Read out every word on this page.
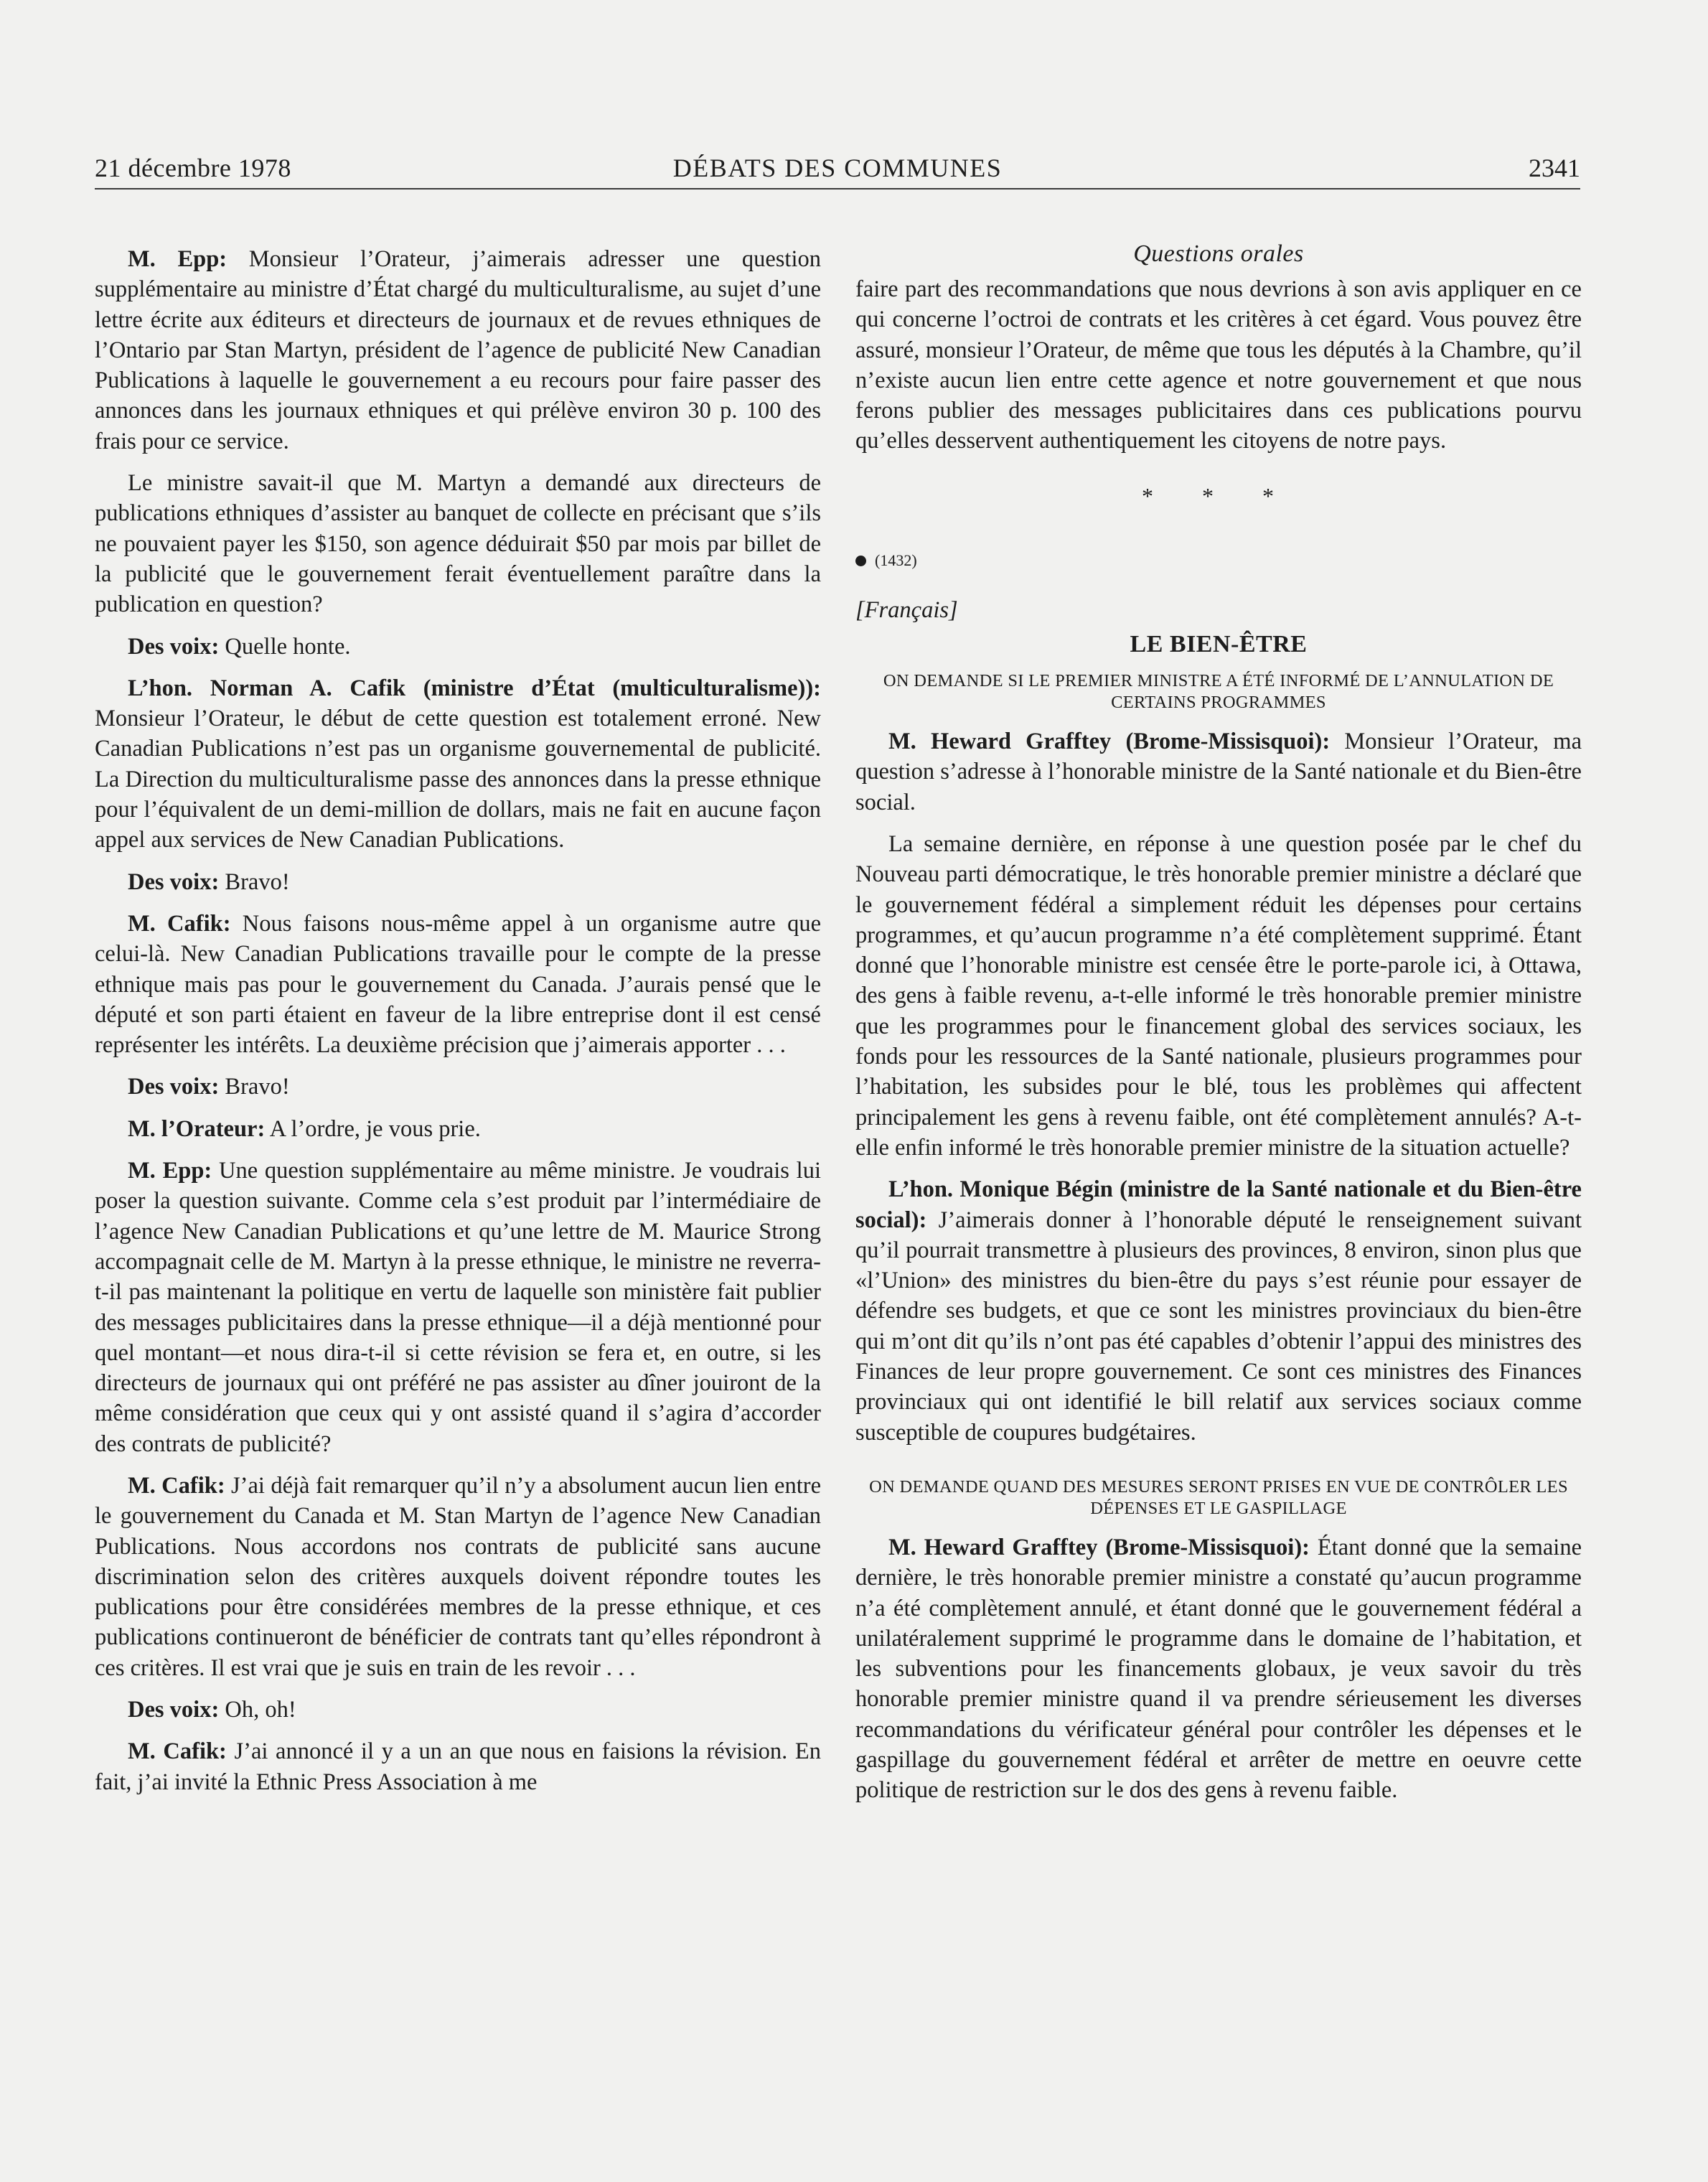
21 décembre 1978	DÉBATS DES COMMUNES	2341

M. Epp: Monsieur l’Orateur, j’aimerais adresser une question supplémentaire au ministre d’État chargé du multiculturalisme, au sujet d’une lettre écrite aux éditeurs et directeurs de journaux et de revues ethniques de l’Ontario par Stan Martyn, président de l’agence de publicité New Canadian Publications à laquelle le gouvernement a eu recours pour faire passer des annonces dans les journaux ethniques et qui prélève environ 30 p. 100 des frais pour ce service.

Le ministre savait-il que M. Martyn a demandé aux directeurs de publications ethniques d’assister au banquet de collecte en précisant que s’ils ne pouvaient payer les $150, son agence déduirait $50 par mois par billet de la publicité que le gouvernement ferait éventuellement paraître dans la publication en question?

Des voix: Quelle honte.

L’hon. Norman A. Cafik (ministre d’État (multiculturalisme)): Monsieur l’Orateur, le début de cette question est totalement erroné. New Canadian Publications n’est pas un organisme gouvernemental de publicité. La Direction du multiculturalisme passe des annonces dans la presse ethnique pour l’équivalent de un demi-million de dollars, mais ne fait en aucune façon appel aux services de New Canadian Publications.

Des voix: Bravo!

M. Cafik: Nous faisons nous-même appel à un organisme autre que celui-là. New Canadian Publications travaille pour le compte de la presse ethnique mais pas pour le gouvernement du Canada. J’aurais pensé que le député et son parti étaient en faveur de la libre entreprise dont il est censé représenter les intérêts. La deuxième précision que j’aimerais apporter . . .

Des voix: Bravo!

M. l’Orateur: A l’ordre, je vous prie.

M. Epp: Une question supplémentaire au même ministre. Je voudrais lui poser la question suivante. Comme cela s’est produit par l’intermédiaire de l’agence New Canadian Publications et qu’une lettre de M. Maurice Strong accompagnait celle de M. Martyn à la presse ethnique, le ministre ne reverra-t-il pas maintenant la politique en vertu de laquelle son ministère fait publier des messages publicitaires dans la presse ethnique—il a déjà mentionné pour quel montant—et nous dira-t-il si cette révision se fera et, en outre, si les directeurs de journaux qui ont préféré ne pas assister au dîner jouiront de la même considération que ceux qui y ont assisté quand il s’agira d’accorder des contrats de publicité?

M. Cafik: J’ai déjà fait remarquer qu’il n’y a absolument aucun lien entre le gouvernement du Canada et M. Stan Martyn de l’agence New Canadian Publications. Nous accordons nos contrats de publicité sans aucune discrimination selon des critères auxquels doivent répondre toutes les publications pour être considérées membres de la presse ethnique, et ces publications continueront de bénéficier de contrats tant qu’elles répondront à ces critères. Il est vrai que je suis en train de les revoir . . .

Des voix: Oh, oh!

M. Cafik: J’ai annoncé il y a un an que nous en faisions la révision. En fait, j’ai invité la Ethnic Press Association à me

Questions orales

faire part des recommandations que nous devrions à son avis appliquer en ce qui concerne l’octroi de contrats et les critères à cet égard. Vous pouvez être assuré, monsieur l’Orateur, de même que tous les députés à la Chambre, qu’il n’existe aucun lien entre cette agence et notre gouvernement et que nous ferons publier des messages publicitaires dans ces publications pourvu qu’elles desservent authentiquement les citoyens de notre pays.

* * *
(1432)
[Français]
LE BIEN-ÊTRE
ON DEMANDE SI LE PREMIER MINISTRE A ÉTÉ INFORMÉ DE L’ANNULATION DE CERTAINS PROGRAMMES

M. Heward Grafftey (Brome-Missisquoi): Monsieur l’Orateur, ma question s’adresse à l’honorable ministre de la Santé nationale et du Bien-être social.

La semaine dernière, en réponse à une question posée par le chef du Nouveau parti démocratique, le très honorable premier ministre a déclaré que le gouvernement fédéral a simplement réduit les dépenses pour certains programmes, et qu’aucun programme n’a été complètement supprimé. Étant donné que l’honorable ministre est censée être le porte-parole ici, à Ottawa, des gens à faible revenu, a-t-elle informé le très honorable premier ministre que les programmes pour le financement global des services sociaux, les fonds pour les ressources de la Santé nationale, plusieurs programmes pour l’habitation, les subsides pour le blé, tous les problèmes qui affectent principalement les gens à revenu faible, ont été complètement annulés? A-t-elle enfin informé le très honorable premier ministre de la situation actuelle?

L’hon. Monique Bégin (ministre de la Santé nationale et du Bien-être social): J’aimerais donner à l’honorable député le renseignement suivant qu’il pourrait transmettre à plusieurs des provinces, 8 environ, sinon plus que «l’Union» des ministres du bien-être du pays s’est réunie pour essayer de défendre ses budgets, et que ce sont les ministres provinciaux du bien-être qui m’ont dit qu’ils n’ont pas été capables d’obtenir l’appui des ministres des Finances de leur propre gouvernement. Ce sont ces ministres des Finances provinciaux qui ont identifié le bill relatif aux services sociaux comme susceptible de coupures budgétaires.

ON DEMANDE QUAND DES MESURES SERONT PRISES EN VUE DE CONTRÔLER LES DÉPENSES ET LE GASPILLAGE

M. Heward Grafftey (Brome-Missisquoi): Étant donné que la semaine dernière, le très honorable premier ministre a constaté qu’aucun programme n’a été complètement annulé, et étant donné que le gouvernement fédéral a unilatéralement supprimé le programme dans le domaine de l’habitation, et les subventions pour les financements globaux, je veux savoir du très honorable premier ministre quand il va prendre sérieusement les diverses recommandations du vérificateur général pour contrôler les dépenses et le gaspillage du gouvernement fédéral et arrêter de mettre en oeuvre cette politique de restriction sur le dos des gens à revenu faible.
